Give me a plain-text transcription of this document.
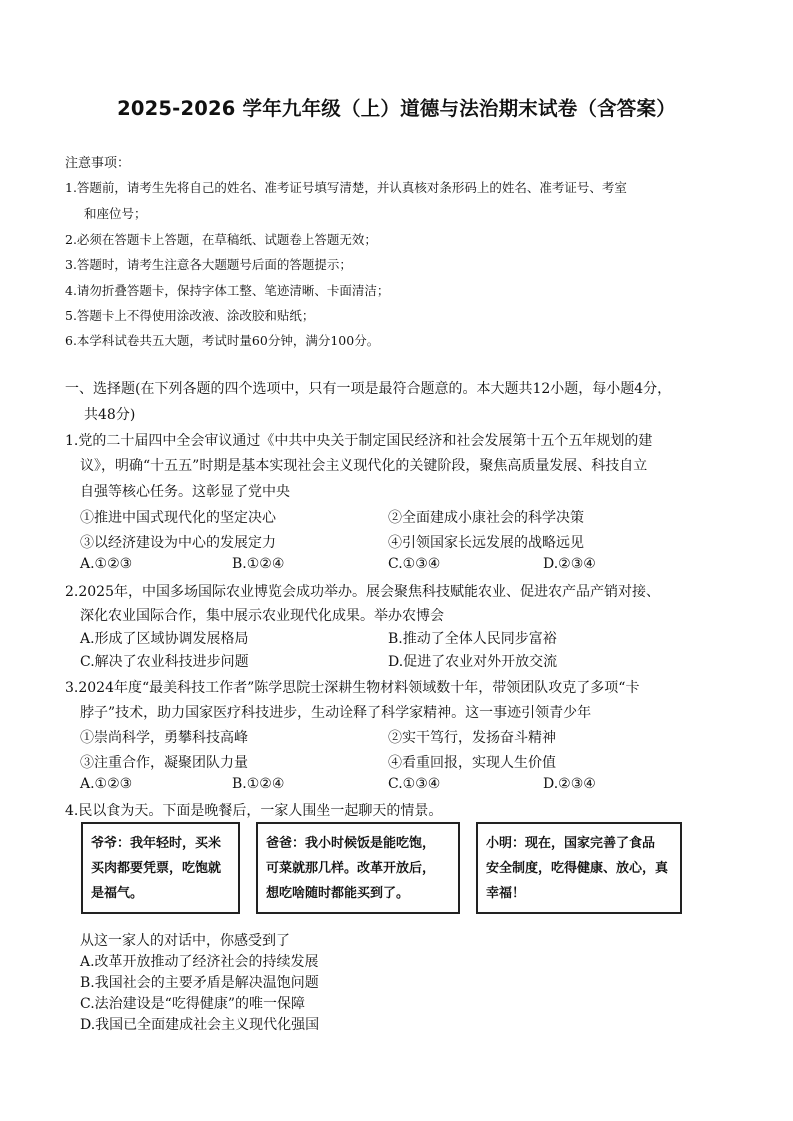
2025-2026 学年九年级（上）道德与法治期末试卷（含答案）
注意事项：
1.答题前，请考生先将自己的姓名、准考证号填写清楚，并认真核对条形码上的姓名、准考证号、考室
和座位号；
2.必须在答题卡上答题，在草稿纸、试题卷上答题无效；
3.答题时，请考生注意各大题题号后面的答题提示；
4.请勿折叠答题卡，保持字体工整、笔迹清晰、卡面清洁；
5.答题卡上不得使用涂改液、涂改胶和贴纸；
6.本学科试卷共五大题，考试时量60分钟，满分100分。
一、选择题(在下列各题的四个选项中，只有一项是最符合题意的。本大题共12小题，每小题4分，
共48分)
1.党的二十届四中全会审议通过《中共中央关于制定国民经济和社会发展第十五个五年规划的建
议》，明确“十五五”时期是基本实现社会主义现代化的关键阶段，聚焦高质量发展、科技自立
自强等核心任务。这彰显了党中央
①推进中国式现代化的坚定决心	②全面建成小康社会的科学决策
③以经济建设为中心的发展定力	④引领国家长远发展的战略远见
A.①②③	B.①②④	C.①③④	D.②③④
2.2025年，中国多场国际农业博览会成功举办。展会聚焦科技赋能农业、促进农产品产销对接、
深化农业国际合作，集中展示农业现代化成果。举办农博会
A.形成了区域协调发展格局	B.推动了全体人民同步富裕
C.解决了农业科技进步问题	D.促进了农业对外开放交流
3.2024年度“最美科技工作者”陈学思院士深耕生物材料领域数十年，带领团队攻克了多项“卡
脖子”技术，助力国家医疗科技进步，生动诠释了科学家精神。这一事迹引领青少年
①崇尚科学，勇攀科技高峰	②实干笃行，发扬奋斗精神
③注重合作，凝聚团队力量	④看重回报，实现人生价值
A.①②③	B.①②④	C.①③④	D.②③④
4.民以食为天。下面是晚餐后，一家人围坐一起聊天的情景。
爷爷：我年轻时，买米
买肉都要凭票，吃饱就
是福气。
爸爸：我小时候饭是能吃饱，
可菜就那几样。改革开放后，
想吃啥随时都能买到了。
小明：现在，国家完善了食品
安全制度，吃得健康、放心，真
幸福！
从这一家人的对话中，你感受到了
A.改革开放推动了经济社会的持续发展
B.我国社会的主要矛盾是解决温饱问题
C.法治建设是“吃得健康”的唯一保障
D.我国已全面建成社会主义现代化强国
